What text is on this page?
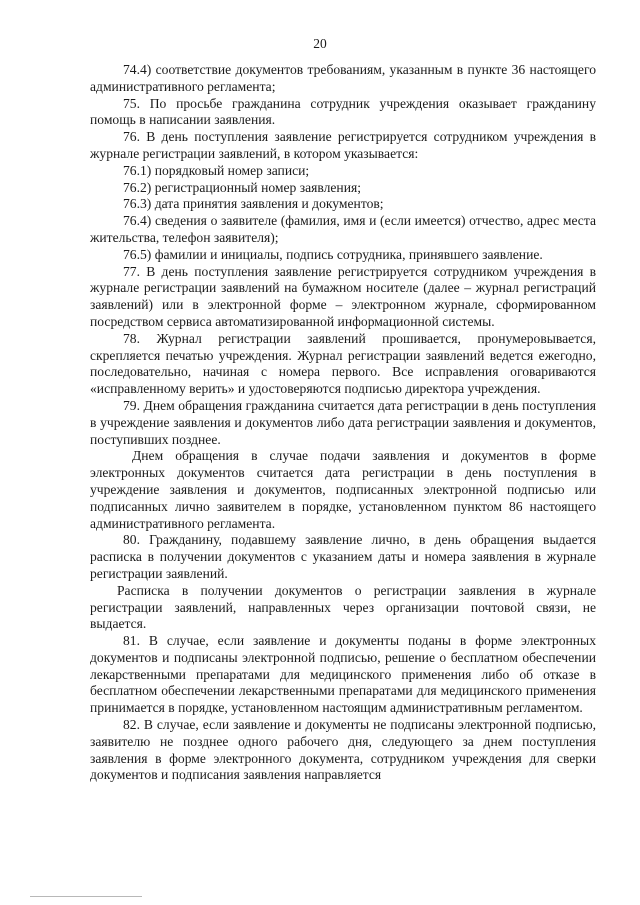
20

74.4) соответствие документов требованиям, указанным в пункте 36 настоящего административного регламента;

75. По просьбе гражданина сотрудник учреждения оказывает гражданину помощь в написании заявления.

76. В день поступления заявление регистрируется сотрудником учреждения в журнале регистрации заявлений, в котором указывается:

76.1) порядковый номер записи;

76.2) регистрационный номер заявления;

76.3) дата принятия заявления и документов;

76.4) сведения о заявителе (фамилия, имя и (если имеется) отчество, адрес места жительства, телефон заявителя);

76.5) фамилии и инициалы, подпись сотрудника, принявшего заявление.

77. В день поступления заявление регистрируется сотрудником учреждения в журнале регистрации заявлений на бумажном носителе (далее – журнал регистраций заявлений) или в электронной форме – электронном журнале, сформированном посредством сервиса автоматизированной информационной системы.

78. Журнал регистрации заявлений прошивается, пронумеровывается, скрепляется печатью учреждения. Журнал регистрации заявлений ведется ежегодно, последовательно, начиная с номера первого. Все исправления оговариваются «исправленному верить» и удостоверяются подписью директора учреждения.

79. Днем обращения гражданина считается дата регистрации в день поступления в учреждение заявления и документов либо дата регистрации заявления и документов, поступивших позднее.

Днем обращения в случае подачи заявления и документов в форме электронных документов считается дата регистрации в день поступления в учреждение заявления и документов, подписанных электронной подписью или подписанных лично заявителем в порядке, установленном пунктом 86 настоящего административного регламента.

80. Гражданину, подавшему заявление лично, в день обращения выдается расписка в получении документов с указанием даты и номера заявления в журнале регистрации заявлений.

Расписка в получении документов о регистрации заявления в журнале регистрации заявлений, направленных через организации почтовой связи, не выдается.

81. В случае, если заявление и документы поданы в форме электронных документов и подписаны электронной подписью, решение о бесплатном обеспечении лекарственными препаратами для медицинского применения либо об отказе в бесплатном обеспечении лекарственными препаратами для медицинского применения принимается в порядке, установленном настоящим административным регламентом.

82. В случае, если заявление и документы не подписаны электронной подписью, заявителю не позднее одного рабочего дня, следующего за днем поступления заявления в форме электронного документа, сотрудником учреждения для сверки документов и подписания заявления направляется
